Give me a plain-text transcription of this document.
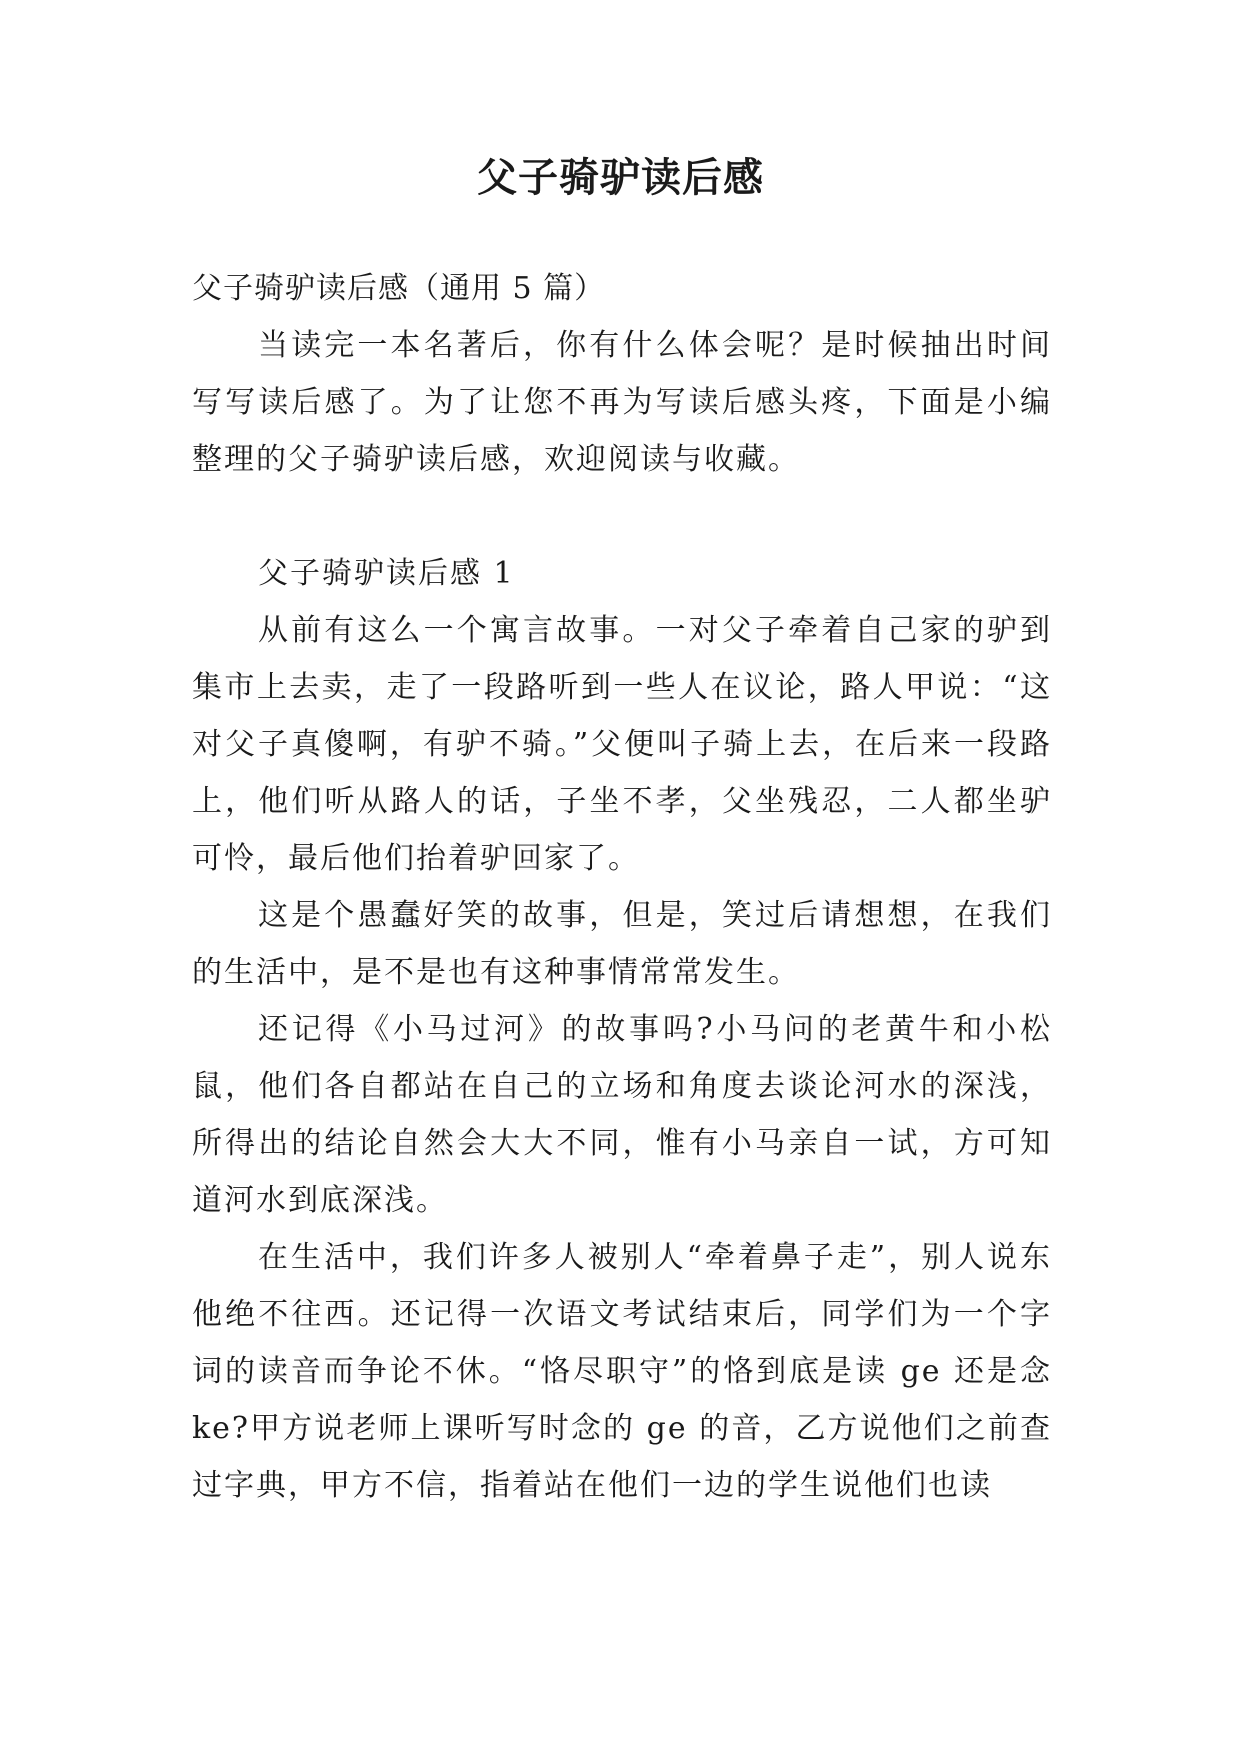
父子骑驴读后感

父子骑驴读后感（通用 5 篇）

当读完一本名著后，你有什么体会呢？是时候抽出时间写写读后感了。为了让您不再为写读后感头疼，下面是小编整理的父子骑驴读后感，欢迎阅读与收藏。

父子骑驴读后感 1

从前有这么一个寓言故事。一对父子牵着自己家的驴到集市上去卖，走了一段路听到一些人在议论，路人甲说：“这对父子真傻啊，有驴不骑。”父便叫子骑上去，在后来一段路上，他们听从路人的话，子坐不孝，父坐残忍，二人都坐驴可怜，最后他们抬着驴回家了。

这是个愚蠢好笑的故事，但是，笑过后请想想，在我们的生活中，是不是也有这种事情常常发生。

还记得《小马过河》的故事吗?小马问的老黄牛和小松鼠，他们各自都站在自己的立场和角度去谈论河水的深浅，所得出的结论自然会大大不同，惟有小马亲自一试，方可知道河水到底深浅。

在生活中，我们许多人被别人“牵着鼻子走”，别人说东他绝不往西。还记得一次语文考试结束后，同学们为一个字词的读音而争论不休。“恪尽职守”的恪到底是读 ge 还是念 ke?甲方说老师上课听写时念的 ge 的音，乙方说他们之前查过字典，甲方不信，指着站在他们一边的学生说他们也读
